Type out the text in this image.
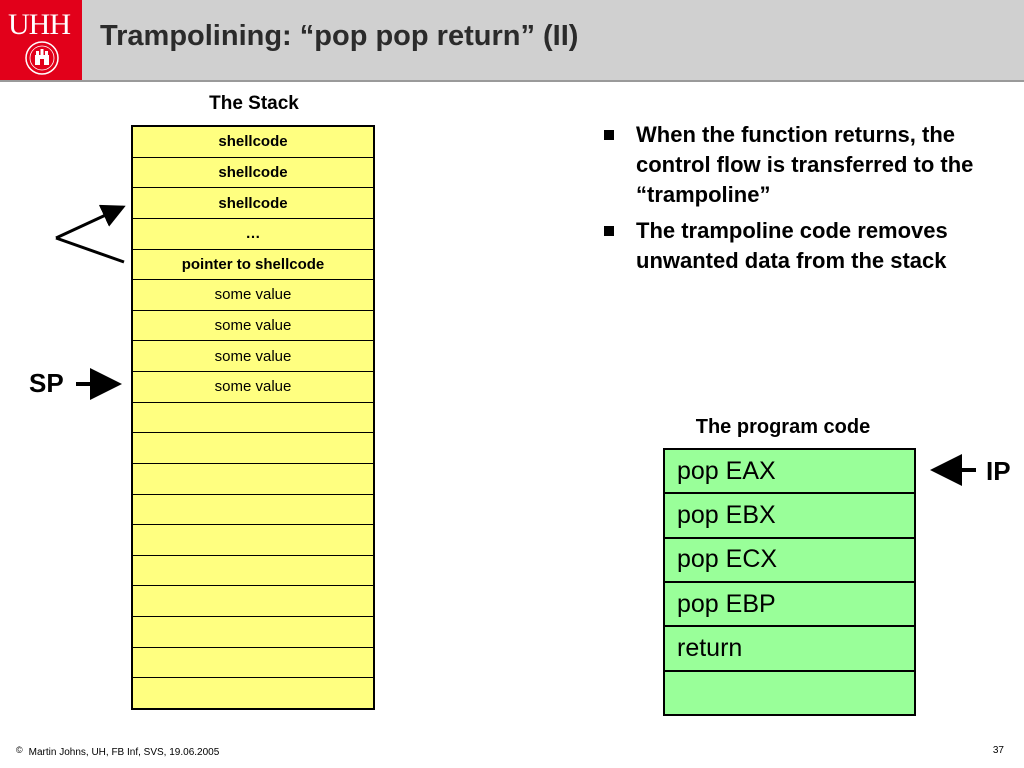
UHH Trampolining: “pop pop return” (II)
The Stack
shellcode
shellcode
shellcode
…
pointer to shellcode
some value
some value
some value
some value
When the function returns, the control flow is transferred to the “trampoline”
The trampoline code removes unwanted data from the stack
The program code
pop EAX
pop EBX
pop ECX
pop EBP
return
SP
IP
© Martin Johns, UH, FB Inf, SVS, 19.06.2005	37
